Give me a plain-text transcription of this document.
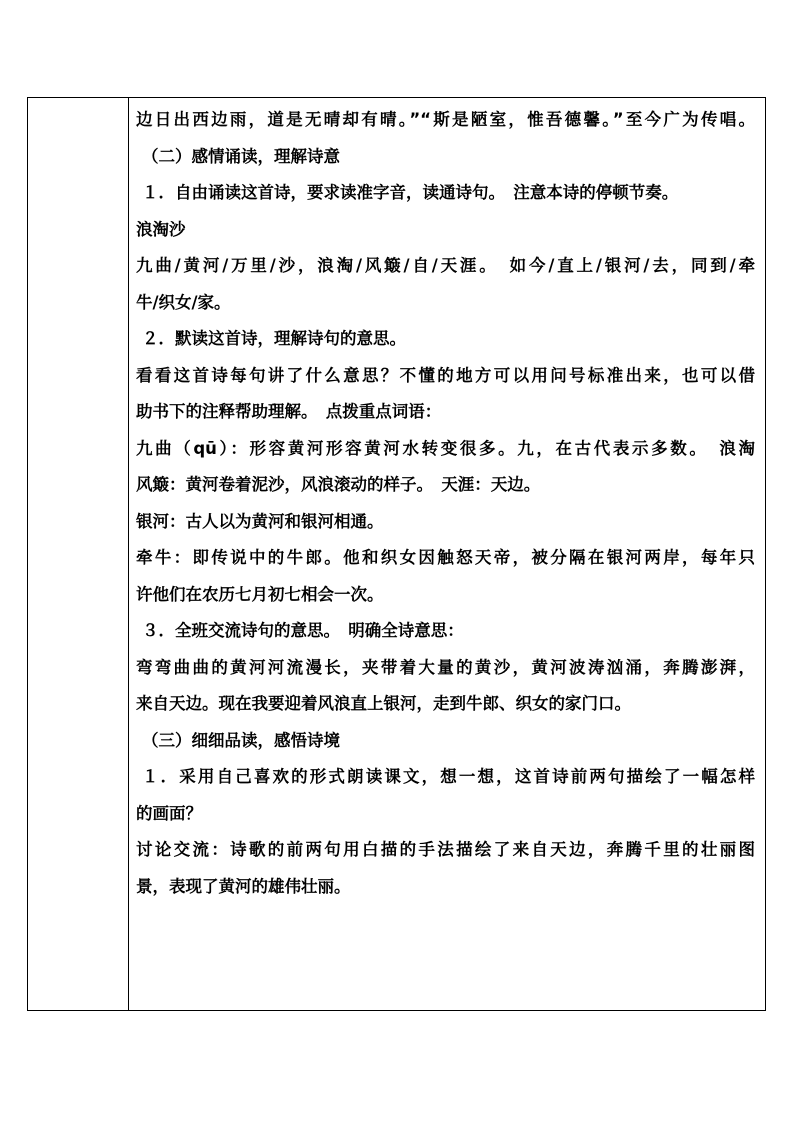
边日出西边雨，道是无晴却有晴。”“斯是陋室，惟吾德馨。”至今广为传唱。
（二）感情诵读，理解诗意
１．自由诵读这首诗，要求读准字音，读通诗句。　注意本诗的停顿节奏。
浪淘沙
九曲/黄河/万里/沙，浪淘/风簸/自/天涯。　如今/直上/银河/去，同到/牵
牛/织女/家。
２．默读这首诗，理解诗句的意思。
看看这首诗每句讲了什么意思？不懂的地方可以用问号标准出来，也可以借
助书下的注释帮助理解。　点拨重点词语：
九曲（qū）：形容黄河形容黄河水转变很多。九，在古代表示多数。　浪淘
风簸：黄河卷着泥沙，风浪滚动的样子。　天涯：天边。
银河：古人以为黄河和银河相通。
牵牛：即传说中的牛郎。他和织女因触怒天帝，被分隔在银河两岸，每年只
许他们在农历七月初七相会一次。
３．全班交流诗句的意思。　明确全诗意思：
弯弯曲曲的黄河河流漫长，夹带着大量的黄沙，黄河波涛汹涌，奔腾澎湃，
来自天边。现在我要迎着风浪直上银河，走到牛郎、织女的家门口。
（三）细细品读，感悟诗境
１．采用自己喜欢的形式朗读课文，想一想，这首诗前两句描绘了一幅怎样
的画面？
讨论交流：诗歌的前两句用白描的手法描绘了来自天边，奔腾千里的壮丽图
景，表现了黄河的雄伟壮丽。
